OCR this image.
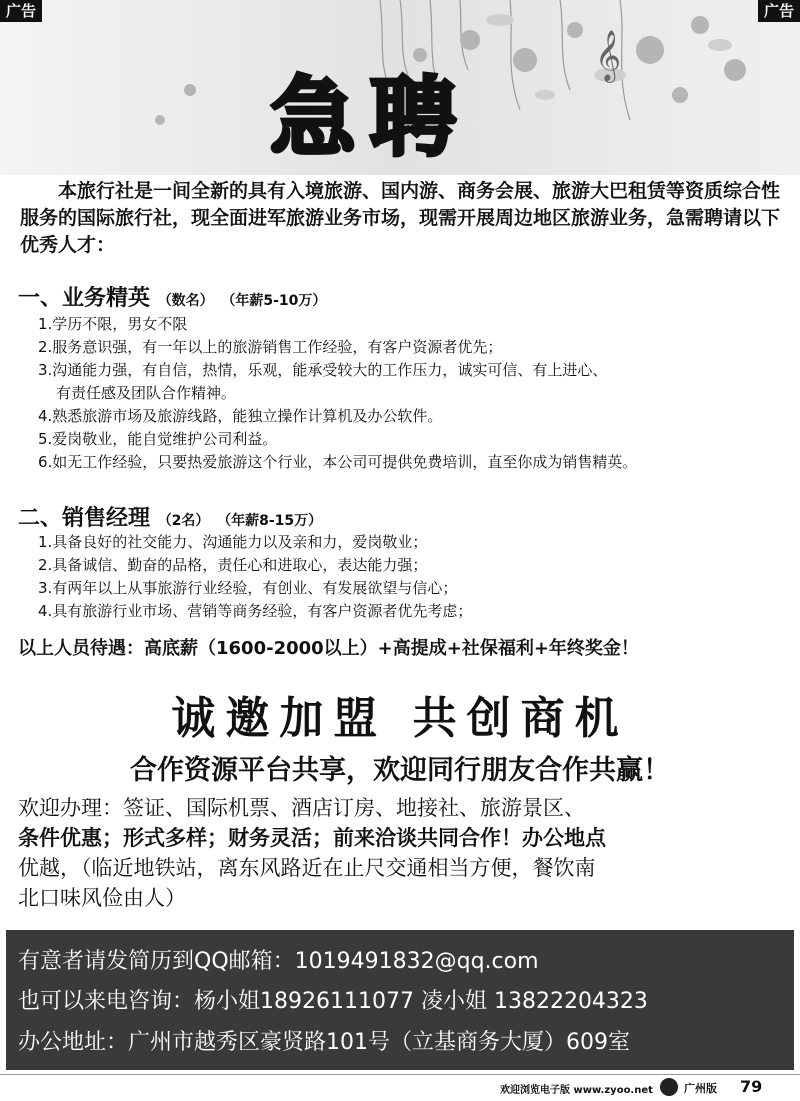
𝄞
急聘
广告	广告

本旅行社是一间全新的具有入境旅游、国内游、商务会展、旅游大巴租赁等资质综合性服务的国际旅行社，现全面进军旅游业务市场，现需开展周边地区旅游业务，急需聘请以下优秀人才：

一、业务精英 （数名） （年薪5-10万）
1.学历不限，男女不限
2.服务意识强，有一年以上的旅游销售工作经验，有客户资源者优先；
3.沟通能力强，有自信，热情，乐观，能承受较大的工作压力，诚实可信、有上进心、
有责任感及团队合作精神。
4.熟悉旅游市场及旅游线路，能独立操作计算机及办公软件。
5.爱岗敬业，能自觉维护公司利益。
6.如无工作经验，只要热爱旅游这个行业，本公司可提供免费培训，直至你成为销售精英。
二、销售经理 （2名） （年薪8-15万）
1.具备良好的社交能力、沟通能力以及亲和力，爱岗敬业；
2.具备诚信、勤奋的品格，责任心和进取心，表达能力强；
3.有两年以上从事旅游行业经验，有创业、有发展欲望与信心；
4.具有旅游行业市场、营销等商务经验，有客户资源者优先考虑；
以上人员待遇：高底薪（1600-2000以上）+高提成+社保福利+年终奖金！
诚邀加盟 共创商机
合作资源平台共享，欢迎同行朋友合作共赢！
欢迎办理：签证、国际机票、酒店订房、地接社、旅游景区、
条件优惠；形式多样；财务灵活；前来洽谈共同合作！办公地点
优越，（临近地铁站，离东风路近在止尺交通相当方便，餐饮南
北口味风俭由人）
有意者请发简历到QQ邮箱：1019491832@qq.com
也可以来电咨询：杨小姐18926111077 凌小姐 13822204323
办公地址：广州市越秀区豪贤路101号（立基商务大厦）609室
欢迎浏览电子版 www.zyoo.net	广州版 79
